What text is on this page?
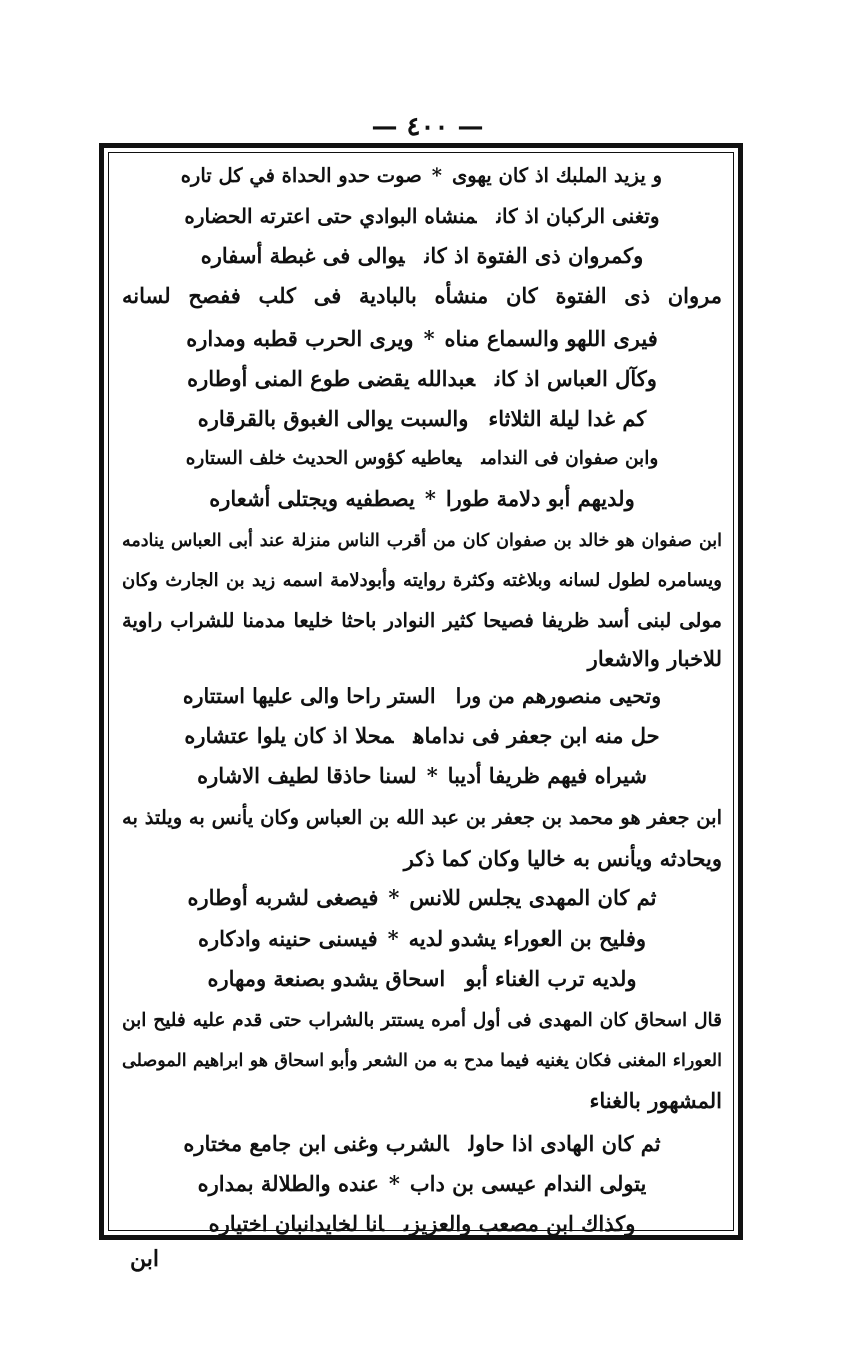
— ٤٠٠ —
و يزيد الملبك اذ كان يهوى*صوت حدو الحداة في كل تاره
وتغنى الركبان اذ كانمنشاه البوادي حتى اعترته الحضاره
وكمروان ذى الفتوة اذ كانيوالى فى غبطة أسفاره
مروان ذى الفتوة كان منشأه بالبادية فى كلب ففصح لسانه
فيرى اللهو والسماع مناه*ويرى الحرب قطبه ومداره
وكآل العباس اذ كانعبدالله يقضى طوع المنى أوطاره
كم غدا ليلة الثلاثاءوالسبت يوالى الغبوق بالقرقاره
وابن صفوان فى الندامىيعاطيه كؤوس الحديث خلف الستاره
ولديهم أبو دلامة طورا*يصطفيه ويجتلى أشعاره
ابن صفوان هو خالد بن صفوان كان من أقرب الناس منزلة عند أبى العباس ينادمه
ويسامره لطول لسانه وبلاغته وكثرة روايته وأبودلامة اسمه زيد بن الجارث وكان
مولى لبنى أسد ظريفا فصيحا كثير النوادر باحثا خليعا مدمنا للشراب راوية
للاخبار والاشعار
وتحيى منصورهم من وراالستر راحا والى عليها استتاره
حل منه ابن جعفر فى نداماهمحلا اذ كان يلوا عتشاره
شيراه فيهم ظريفا أديبا*لسنا حاذقا لطيف الاشاره
ابن جعفر هو محمد بن جعفر بن عبد الله بن العباس وكان يأنس به ويلتذ به
ويحادثه ويأنس به خاليا وكان كما ذكر
ثم كان المهدى يجلس للانس*فيصغى لشربه أوطاره
وفليح بن العوراء يشدو لديه*فيسنى حنينه وادكاره
ولديه ترب الغناء أبواسحاق يشدو بصنعة ومهاره
قال اسحاق كان المهدى فى أول أمره يستتر بالشراب حتى قدم عليه فليح ابن
العوراء المغنى فكان يغنيه فيما مدح به من الشعر وأبو اسحاق هو ابراهيم الموصلى
المشهور بالغناء
ثم كان الهادى اذا حاولالشرب وغنى ابن جامع مختاره
يتولى الندام عيسى بن داب*عنده والطلالة بمداره
وكذاك ابن مصعب والعزيزىانا لخايدانبان اختياره
ابن
